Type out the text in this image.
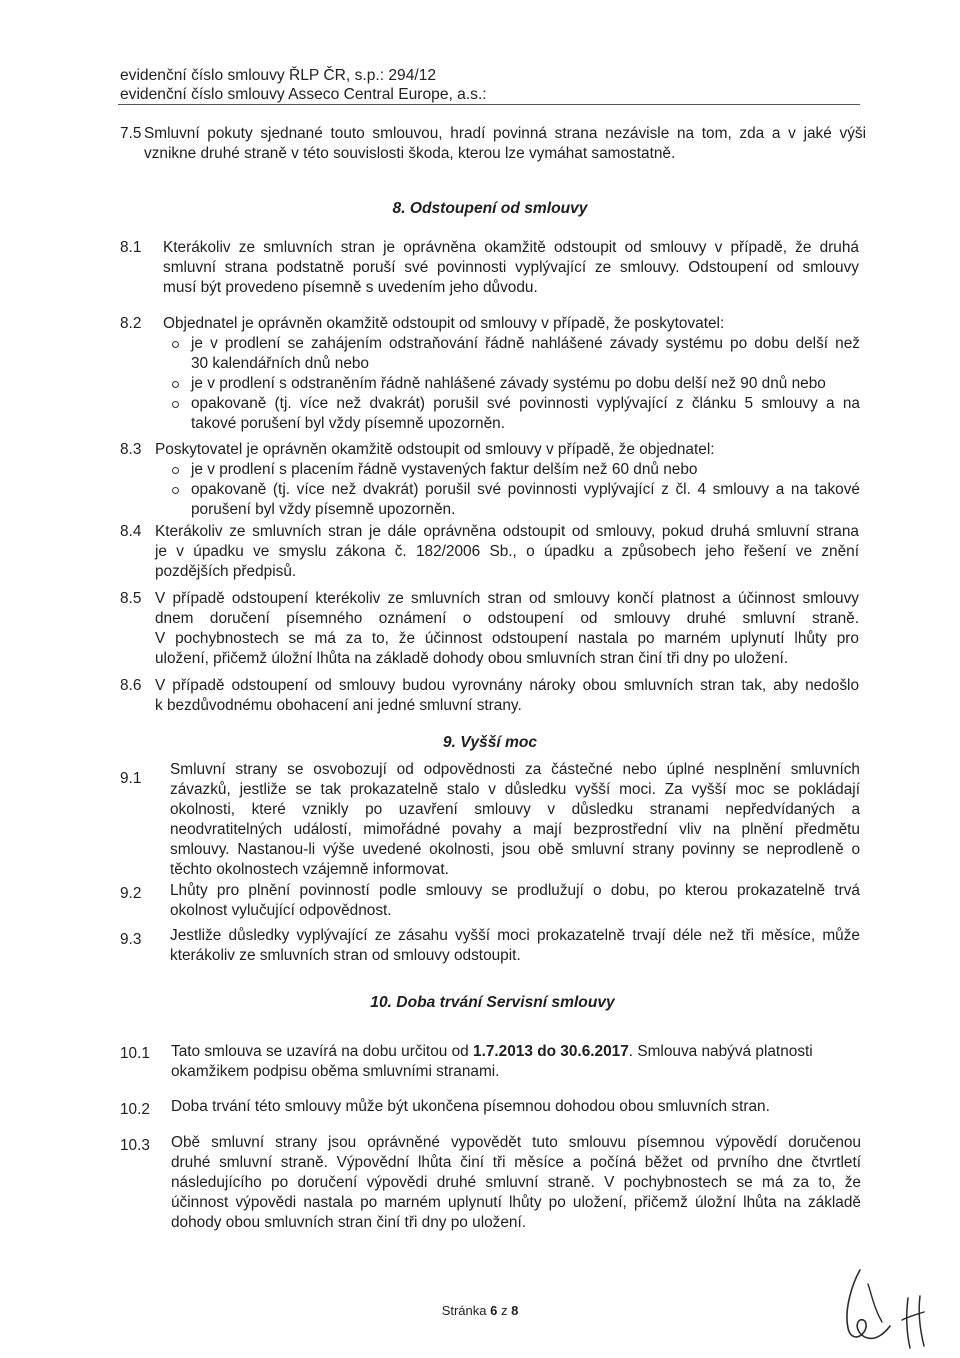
evidenční číslo smlouvy ŘLP ČR, s.p.: 294/12
evidenční číslo smlouvy Asseco Central Europe, a.s.:
7.5 Smluvní pokuty sjednané touto smlouvou, hradí povinná strana nezávisle na tom, zda a v jaké výši
vznikne druhé straně v této souvislosti škoda, kterou lze vymáhat samostatně.
8. Odstoupení od smlouvy
8.1 Kterákoliv ze smluvních stran je oprávněna okamžitě odstoupit od smlouvy v případě, že druhá
smluvní strana podstatně poruší své povinnosti vyplývající ze smlouvy. Odstoupení od smlouvy
musí být provedeno písemně s uvedením jeho důvodu.
8.2 Objednatel je oprávněn okamžitě odstoupit od smlouvy v případě, že poskytovatel:
je v prodlení se zahájením odstraňování řádně nahlášené závady systému po dobu delší než
30 kalendářních dnů nebo
je v prodlení s odstraněním řádně nahlášené závady systému po dobu delší než 90 dnů nebo
opakovaně (tj. více než dvakrát) porušil své povinnosti vyplývající z článku 5 smlouvy a na
takové porušení byl vždy písemně upozorněn.
8.3 Poskytovatel je oprávněn okamžitě odstoupit od smlouvy v případě, že objednatel:
je v prodlení s placením řádně vystavených faktur delším než 60 dnů nebo
opakovaně (tj. více než dvakrát) porušil své povinnosti vyplývající z čl. 4 smlouvy a na takové
porušení byl vždy písemně upozorněn.
8.4 Kterákoliv ze smluvních stran je dále oprávněna odstoupit od smlouvy, pokud druhá smluvní strana
je v úpadku ve smyslu zákona č. 182/2006 Sb., o úpadku a způsobech jeho řešení ve znění
pozdějších předpisů.
8.5 V případě odstoupení kterékoliv ze smluvních stran od smlouvy končí platnost a účinnost smlouvy
dnem doručení písemného oznámení o odstoupení od smlouvy druhé smluvní straně.
V pochybnostech se má za to, že účinnost odstoupení nastala po marném uplynutí lhůty pro
uložení, přičemž úložní lhůta na základě dohody obou smluvních stran činí tři dny po uložení.
8.6 V případě odstoupení od smlouvy budou vyrovnány nároky obou smluvních stran tak, aby nedošlo
k bezdůvodnému obohacení ani jedné smluvní strany.
9. Vyšší moc
9.1
Smluvní strany se osvobozují od odpovědnosti za částečné nebo úplné nesplnění smluvních
závazků, jestliže se tak prokazatelně stalo v důsledku vyšší moci. Za vyšší moc se pokládají
okolnosti, které vznikly po uzavření smlouvy v důsledku stranami nepředvídaných a
neodvratitelných událostí, mimořádné povahy a mají bezprostřední vliv na plnění předmětu
smlouvy. Nastanou-li výše uvedené okolnosti, jsou obě smluvní strany povinny se neprodleně o
těchto okolnostech vzájemně informovat.
9.2 Lhůty pro plnění povinností podle smlouvy se prodlužují o dobu, po kterou prokazatelně trvá
okolnost vylučující odpovědnost.
9.3 Jestliže důsledky vyplývající ze zásahu vyšší moci prokazatelně trvají déle než tři měsíce, může
kterákoliv ze smluvních stran od smlouvy odstoupit.
10. Doba trvání Servisní smlouvy
10.1 Tato smlouva se uzavírá na dobu určitou od 1.7.2013 do 30.6.2017. Smlouva nabývá platnosti
okamžikem podpisu oběma smluvními stranami.
10.2 Doba trvání této smlouvy může být ukončena písemnou dohodou obou smluvních stran.
10.3 Obě smluvní strany jsou oprávněné vypovědět tuto smlouvu písemnou výpovědí doručenou
druhé smluvní straně. Výpovědní lhůta činí tři měsíce a počíná běžet od prvního dne čtvrtletí
následujícího po doručení výpovědi druhé smluvní straně. V pochybnostech se má za to, že
účinnost výpovědi nastala po marném uplynutí lhůty po uložení, přičemž úložní lhůta na základě
dohody obou smluvních stran činí tři dny po uložení.
Stránka 6 z 8
